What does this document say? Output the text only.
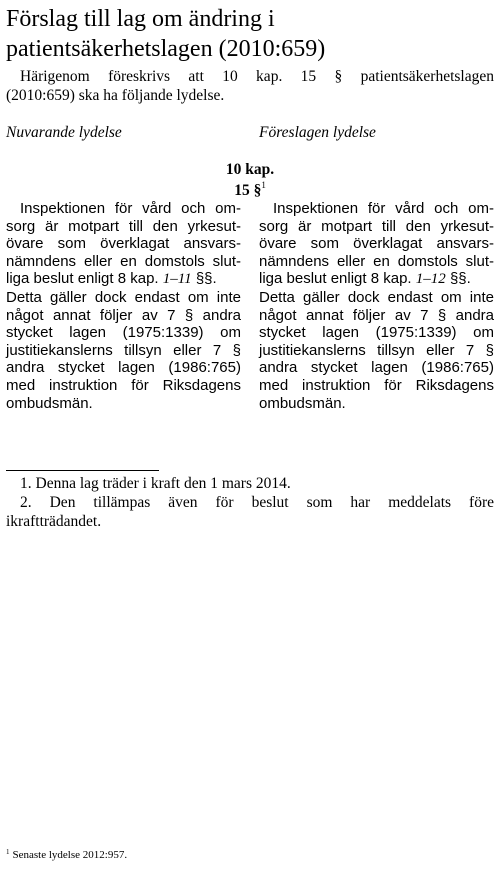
Förslag till lag om ändring i
patientsäkerhetslagen (2010:659)
Härigenom föreskrivs att 10 kap. 15 § patientsäkerhetslagen
(2010:659) ska ha följande lydelse.
Nuvarande lydelse	Föreslagen lydelse
10 kap.
15 §$^1$
Inspektionen för vård och om-
sorg är motpart till den yrkesut-
övare som överklagat ansvars-
nämndens eller en domstols slut-
liga beslut enligt 8 kap. 1–11 §§.
Detta gäller dock endast om inte
något annat följer av 7 § andra
stycket lagen (1975:1339) om
justitiekanslerns tillsyn eller 7 §
andra stycket lagen (1986:765)
med instruktion för Riksdagens
ombudsmän.
Inspektionen för vård och om-
sorg är motpart till den yrkesut-
övare som överklagat ansvars-
nämndens eller en domstols slut-
liga beslut enligt 8 kap. 1–12 §§.
Detta gäller dock endast om inte
något annat följer av 7 § andra
stycket lagen (1975:1339) om
justitiekanslerns tillsyn eller 7 §
andra stycket lagen (1986:765)
med instruktion för Riksdagens
ombudsmän.
1. Denna lag träder i kraft den 1 mars 2014.
2. Den tillämpas även för beslut som har meddelats före
ikraftträdandet.
$^1$ Senaste lydelse 2012:957.
